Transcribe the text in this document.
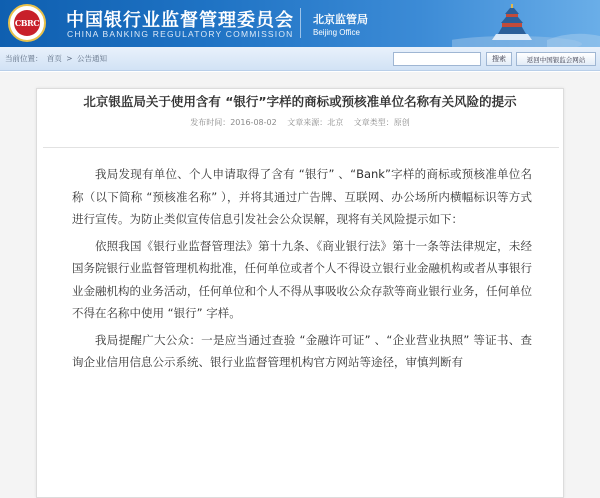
CBRC 中国银行业监督管理委员会
CHINA BANKING REGULATORY COMMISSION
北京监管局
Beijing Office
当前位置： 首页 > 公告通知	搜索	返回中国银监会网站
发布时间：2016-08-02 文章来源：北京 文章类型：原创
北京银监局关于使用含有 “银行”字样的商标或预核准单位名称有关风险的提示

我局发现有单位、个人申请取得了含有 “银行” 、“Bank”字样的商标或预核准单位名称（以下简称 “预核准名称” ），并将其通过广告牌、互联网、办公场所内横幅标识等方式进行宣传。为防止类似宣传信息引发社会公众误解，现将有关风险提示如下：

依照我国《银行业监督管理法》第十九条、《商业银行法》第十一条等法律规定，未经国务院银行业监督管理机构批准，任何单位或者个人不得设立银行业金融机构或者从事银行业金融机构的业务活动，任何单位和个人不得从事吸收公众存款等商业银行业务，任何单位不得在名称中使用 “银行” 字样。

我局提醒广大公众：一是应当通过查验 “金融许可证” 、“企业营业执照” 等证书、查询企业信用信息公示系统、银行业监督管理机构官方网站等途径，审慎判断有
